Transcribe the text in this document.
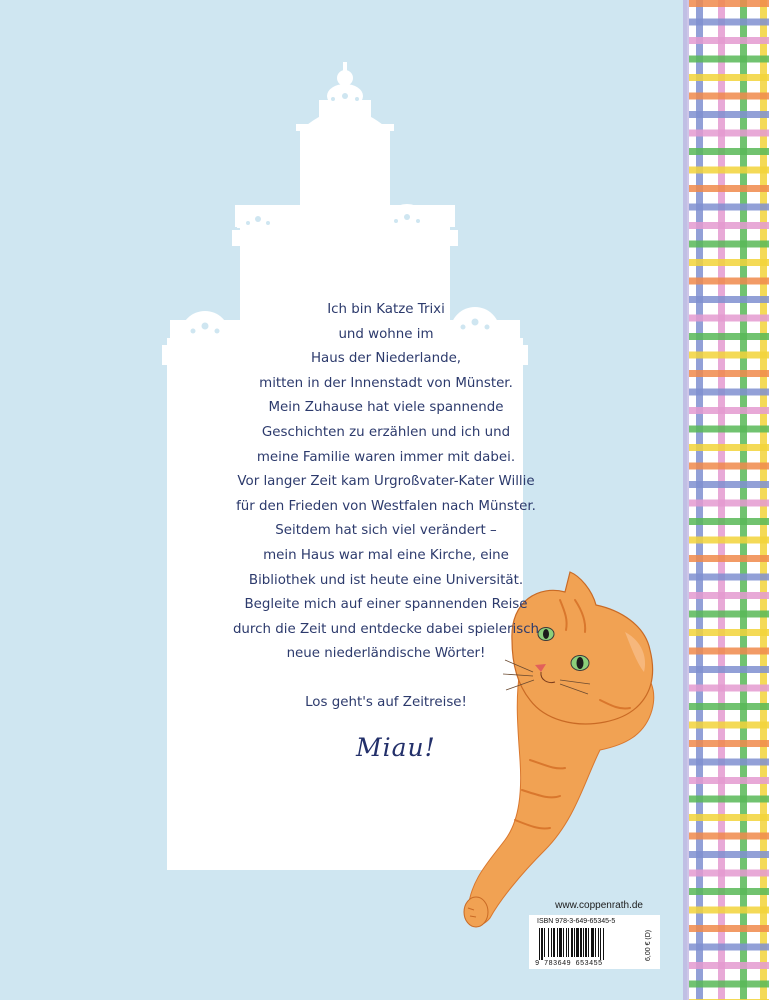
Ich bin Katze Trixi

und wohne im

Haus der Niederlande,

mitten in der Innenstadt von Münster.

Mein Zuhause hat viele spannende

Geschichten zu erzählen und ich und

meine Familie waren immer mit dabei.

Vor langer Zeit kam Urgroßvater-Kater Willie

für den Frieden von Westfalen nach Münster.

Seitdem hat sich viel verändert –

mein Haus war mal eine Kirche, eine

Bibliothek und ist heute eine Universität.

Begleite mich auf einer spannenden Reise

durch die Zeit und entdecke dabei spielerisch

neue niederländische Wörter!

Los geht's auf Zeitreise!

Miau!
www.coppenrath.de
ISBN 978-3-649-65345-5
9 783649 653455
6,00 € (D)
